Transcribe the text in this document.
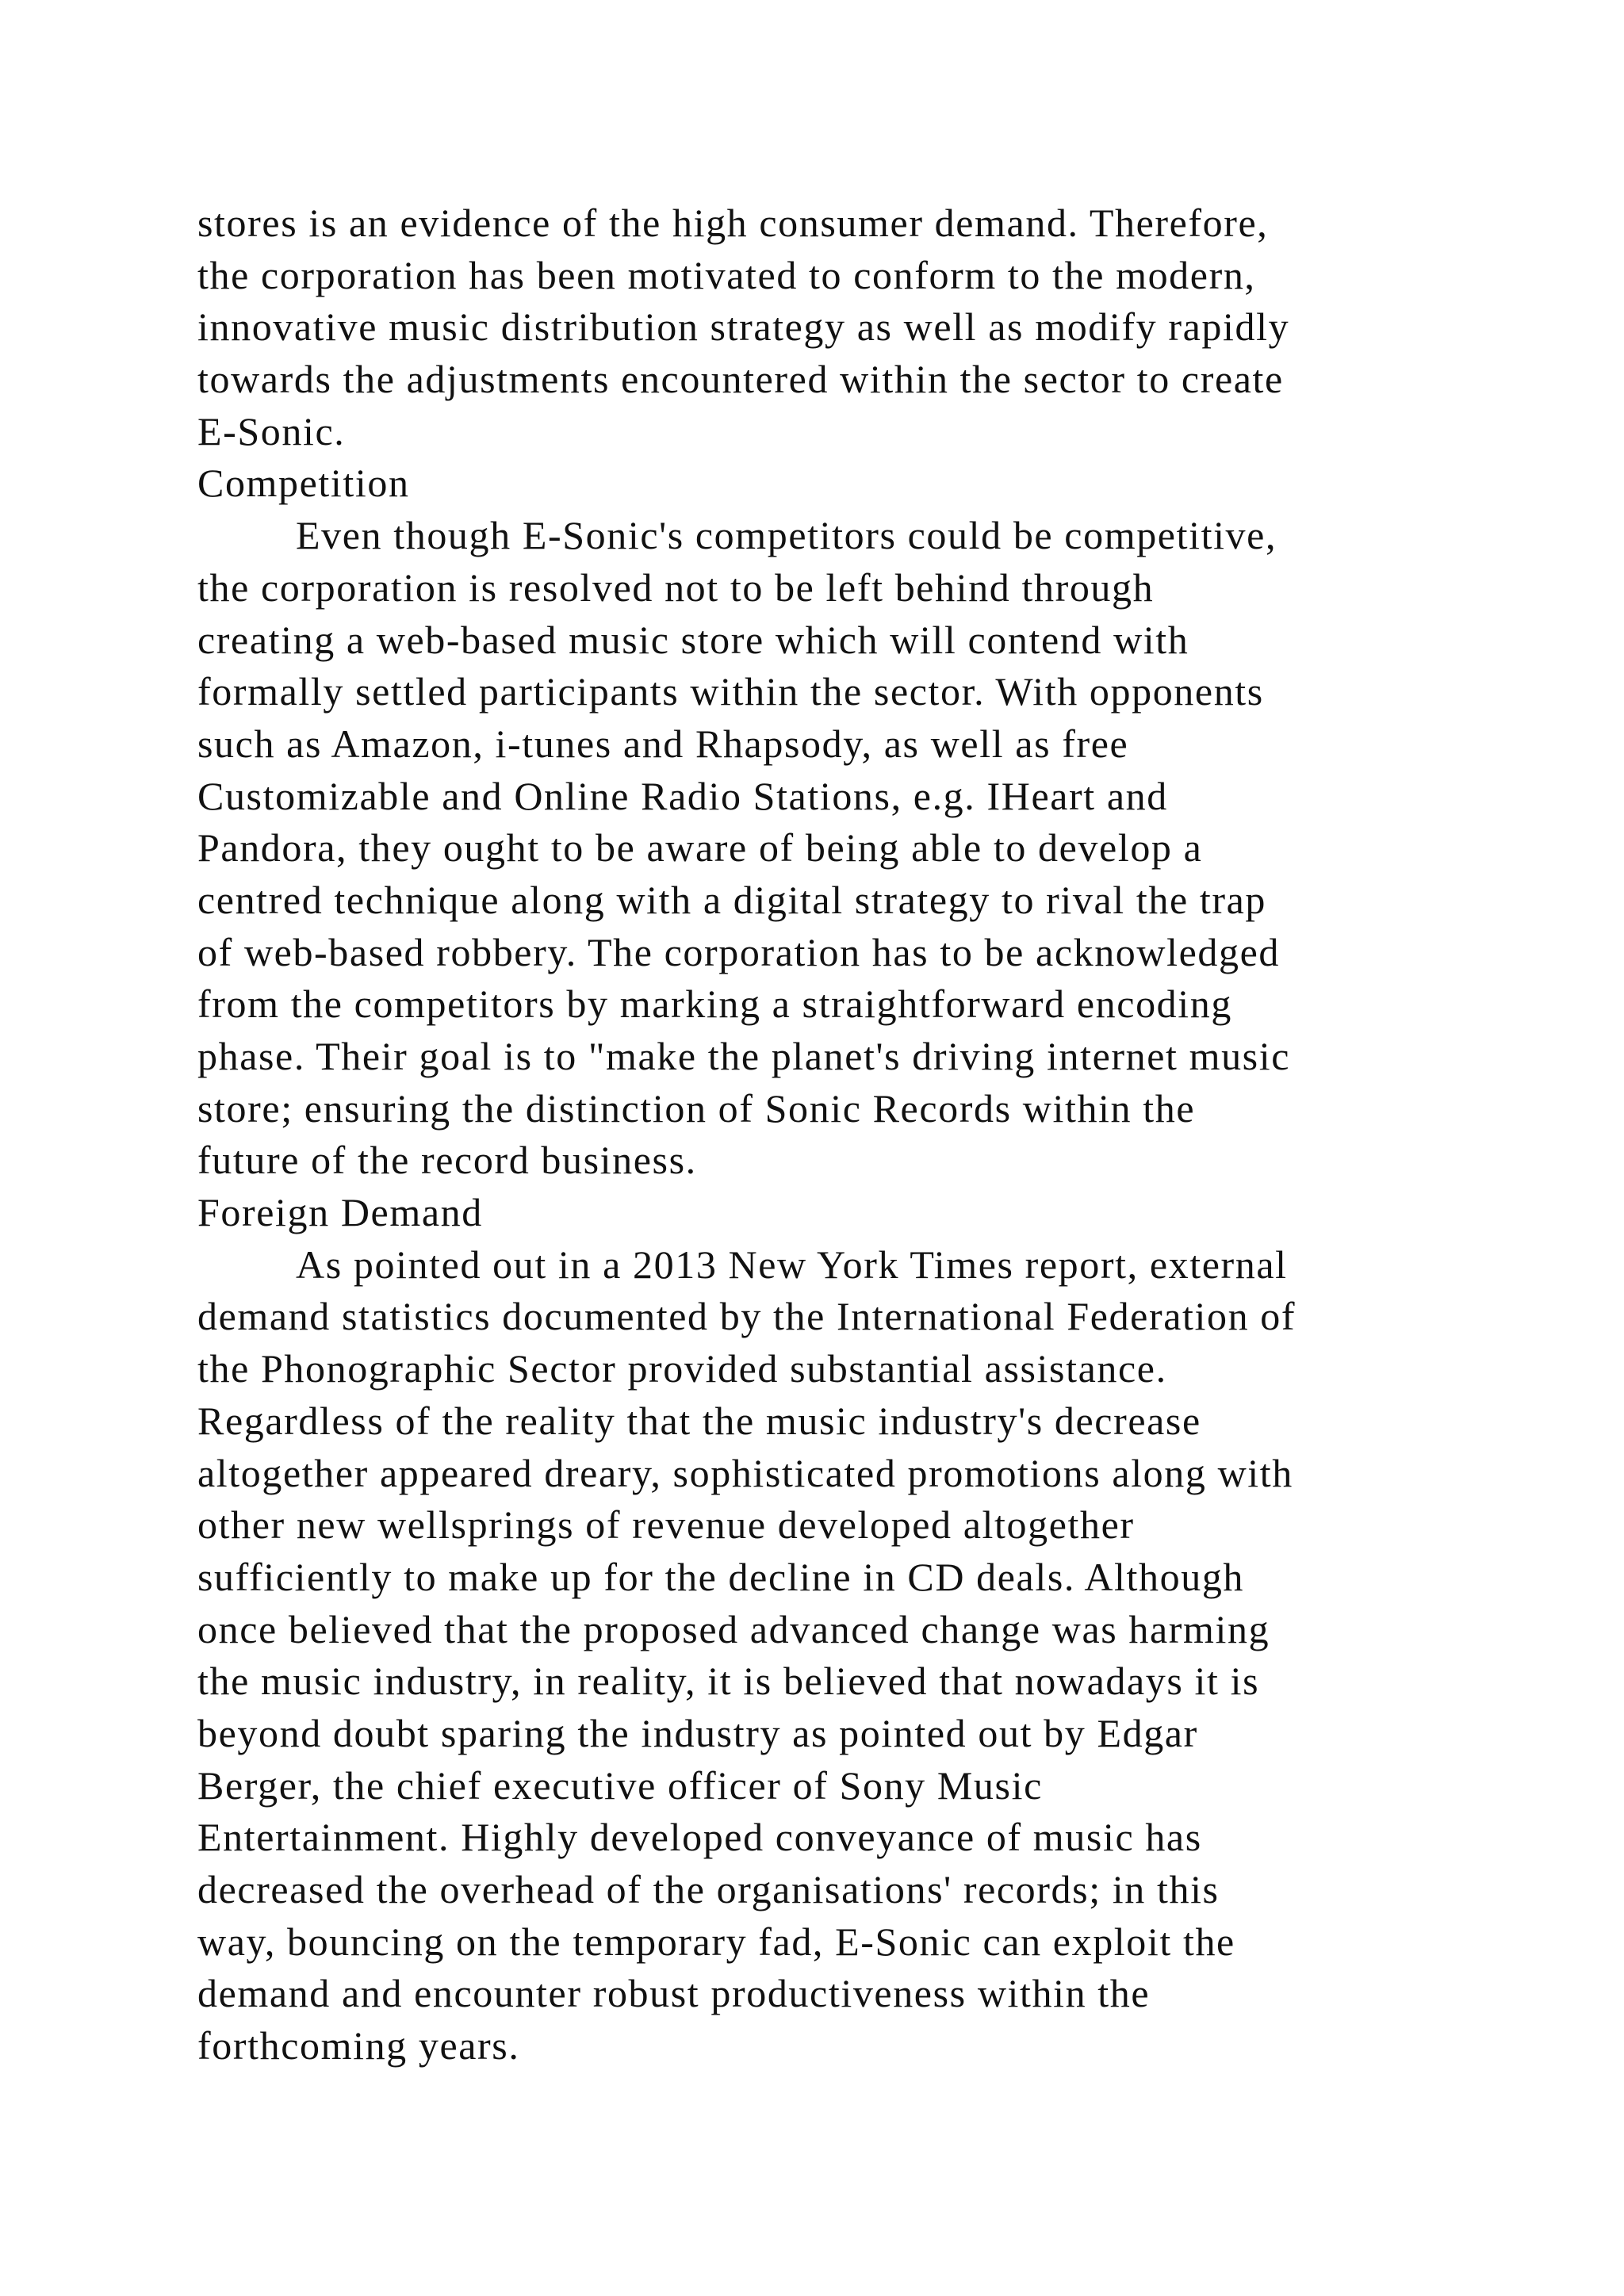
stores is an evidence of the high consumer demand. Therefore,
the corporation has been motivated to conform to the modern,
innovative music distribution strategy as well as modify rapidly
towards the adjustments encountered within the sector to create
E-Sonic.
Competition
Even though E-Sonic's competitors could be competitive,
the corporation is resolved not to be left behind through
creating a web-based music store which will contend with
formally settled participants within the sector. With opponents
such as Amazon, i-tunes and Rhapsody, as well as free
Customizable and Online Radio Stations, e.g. IHeart and
Pandora, they ought to be aware of being able to develop a
centred technique along with a digital strategy to rival the trap
of web-based robbery. The corporation has to be acknowledged
from the competitors by marking a straightforward encoding
phase. Their goal is to "make the planet's driving internet music
store; ensuring the distinction of Sonic Records within the
future of the record business.
Foreign Demand
As pointed out in a 2013 New York Times report, external
demand statistics documented by the International Federation of
the Phonographic Sector provided substantial assistance.
Regardless of the reality that the music industry's decrease
altogether appeared dreary, sophisticated promotions along with
other new wellsprings of revenue developed altogether
sufficiently to make up for the decline in CD deals. Although
once believed that the proposed advanced change was harming
the music industry, in reality, it is believed that nowadays it is
beyond doubt sparing the industry as pointed out by Edgar
Berger, the chief executive officer of Sony Music
Entertainment. Highly developed conveyance of music has
decreased the overhead of the organisations' records; in this
way, bouncing on the temporary fad, E-Sonic can exploit the
demand and encounter robust productiveness within the
forthcoming years.
